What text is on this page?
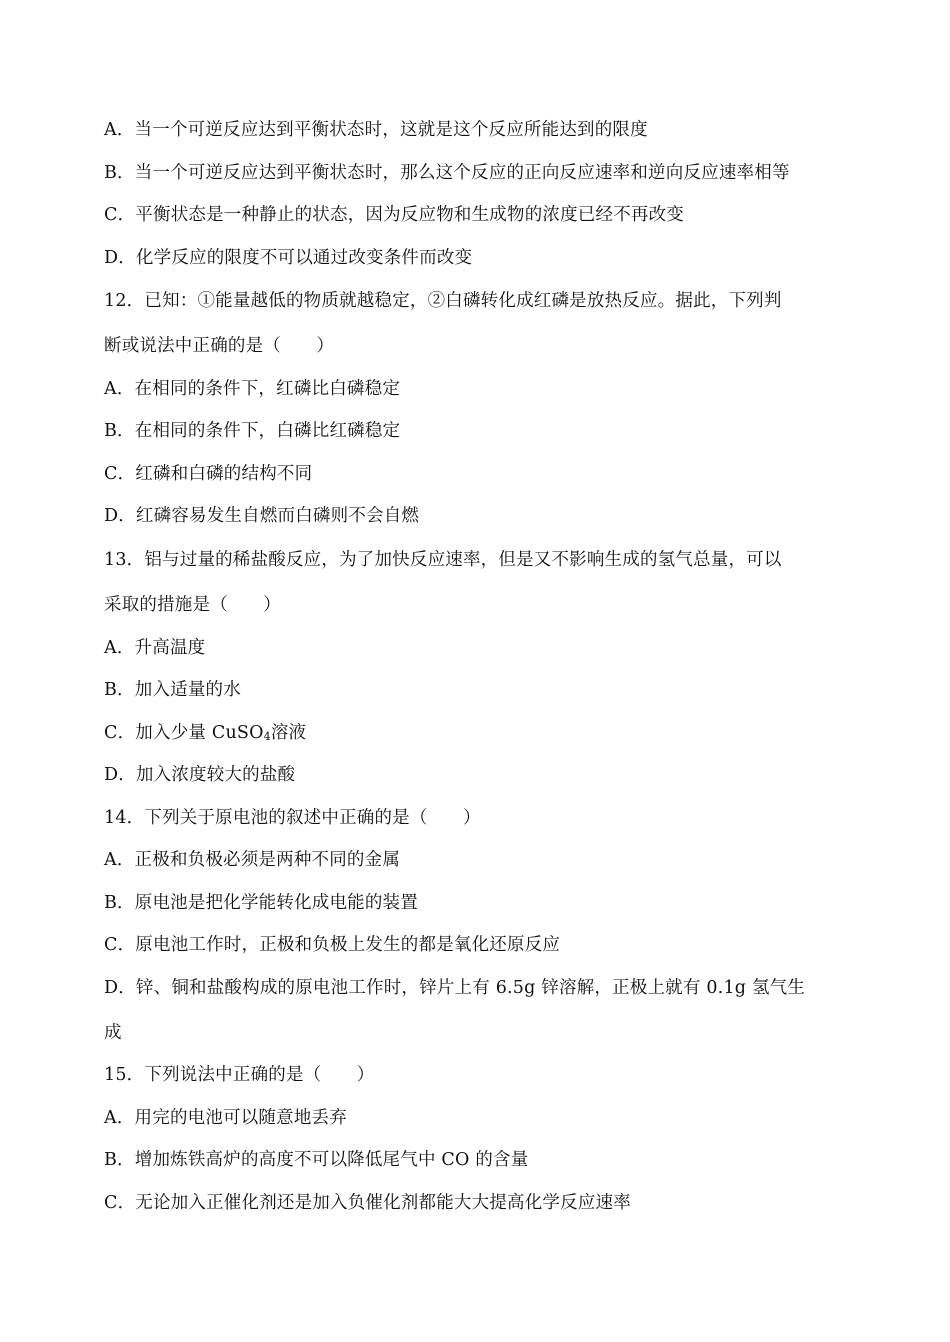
A．当一个可逆反应达到平衡状态时，这就是这个反应所能达到的限度
B．当一个可逆反应达到平衡状态时，那么这个反应的正向反应速率和逆向反应速率相等
C．平衡状态是一种静止的状态，因为反应物和生成物的浓度已经不再改变
D．化学反应的限度不可以通过改变条件而改变
12．已知：①能量越低的物质就越稳定，②白磷转化成红磷是放热反应。据此，下列判
断或说法中正确的是（　　）
A．在相同的条件下，红磷比白磷稳定
B．在相同的条件下，白磷比红磷稳定
C．红磷和白磷的结构不同
D．红磷容易发生自燃而白磷则不会自燃
13．铝与过量的稀盐酸反应，为了加快反应速率，但是又不影响生成的氢气总量，可以
采取的措施是（　　）
A．升高温度
B．加入适量的水
C．加入少量 CuSO$_4$溶液
D．加入浓度较大的盐酸
14．下列关于原电池的叙述中正确的是（　　）
A．正极和负极必须是两种不同的金属
B．原电池是把化学能转化成电能的装置
C．原电池工作时，正极和负极上发生的都是氧化还原反应
D．锌、铜和盐酸构成的原电池工作时，锌片上有 6.5g 锌溶解，正极上就有 0.1g 氢气生
成
15．下列说法中正确的是（　　）
A．用完的电池可以随意地丢弃
B．增加炼铁高炉的高度不可以降低尾气中 CO 的含量
C．无论加入正催化剂还是加入负催化剂都能大大提高化学反应速率
